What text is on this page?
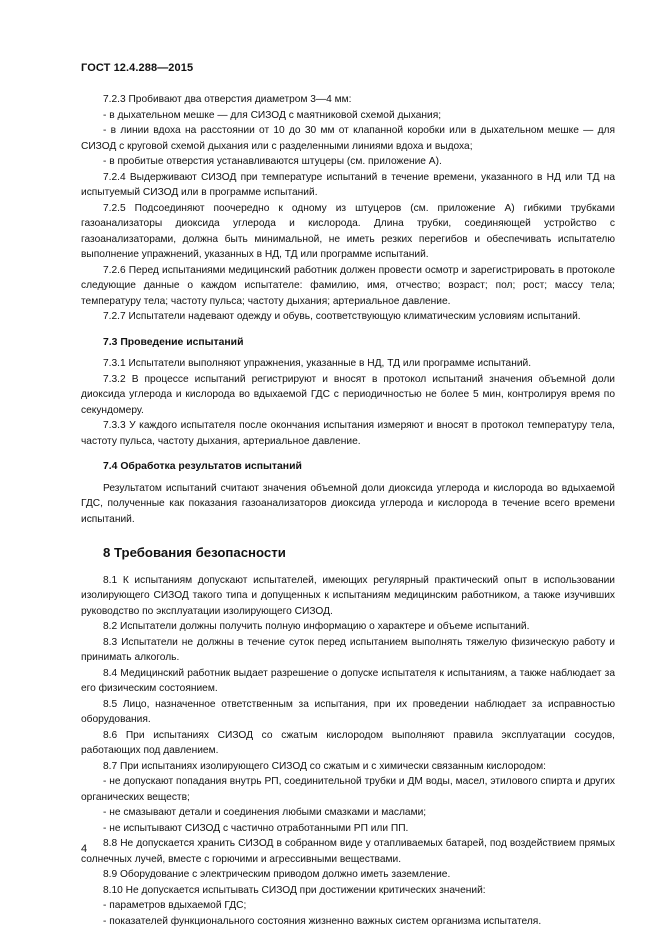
ГОСТ 12.4.288—2015

7.2.3 Пробивают два отверстия диаметром 3—4 мм:

- в дыхательном мешке — для СИЗОД с маятниковой схемой дыхания;

- в линии вдоха на расстоянии от 10 до 30 мм от клапанной коробки или в дыхательном мешке — для СИЗОД с круговой схемой дыхания или с разделенными линиями вдоха и выдоха;

- в пробитые отверстия устанавливаются штуцеры (см. приложение А).

7.2.4 Выдерживают СИЗОД при температуре испытаний в течение времени, указанного в НД или ТД на испытуемый СИЗОД или в программе испытаний.

7.2.5 Подсоединяют поочередно к одному из штуцеров (см. приложение А) гибкими трубками газоанализаторы диоксида углерода и кислорода. Длина трубки, соединяющей устройство с газоанализаторами, должна быть минимальной, не иметь резких перегибов и обеспечивать испытателю выполнение упражнений, указанных в НД, ТД или программе испытаний.

7.2.6 Перед испытаниями медицинский работник должен провести осмотр и зарегистрировать в протоколе следующие данные о каждом испытателе: фамилию, имя, отчество; возраст; пол; рост; массу тела; температуру тела; частоту пульса; частоту дыхания; артериальное давление.

7.2.7 Испытатели надевают одежду и обувь, соответствующую климатическим условиям испытаний.

7.3 Проведение испытаний

7.3.1 Испытатели выполняют упражнения, указанные в НД, ТД или программе испытаний.

7.3.2 В процессе испытаний регистрируют и вносят в протокол испытаний значения объемной доли диоксида углерода и кислорода во вдыхаемой ГДС с периодичностью не более 5 мин, контролируя время по секундомеру.

7.3.3 У каждого испытателя после окончания испытания измеряют и вносят в протокол температуру тела, частоту пульса, частоту дыхания, артериальное давление.

7.4 Обработка результатов испытаний

Результатом испытаний считают значения объемной доли диоксида углерода и кислорода во вдыхаемой ГДС, полученные как показания газоанализаторов диоксида углерода и кислорода в течение всего времени испытаний.

8 Требования безопасности

8.1 К испытаниям допускают испытателей, имеющих регулярный практический опыт в использовании изолирующего СИЗОД такого типа и допущенных к испытаниям медицинским работником, а также изучивших руководство по эксплуатации изолирующего СИЗОД.

8.2 Испытатели должны получить полную информацию о характере и объеме испытаний.

8.3 Испытатели не должны в течение суток перед испытанием выполнять тяжелую физическую работу и принимать алкоголь.

8.4 Медицинский работник выдает разрешение о допуске испытателя к испытаниям, а также наблюдает за его физическим состоянием.

8.5 Лицо, назначенное ответственным за испытания, при их проведении наблюдает за исправностью оборудования.

8.6 При испытаниях СИЗОД со сжатым кислородом выполняют правила эксплуатации сосудов, работающих под давлением.

8.7 При испытаниях изолирующего СИЗОД со сжатым и с химически связанным кислородом:

- не допускают попадания внутрь РП, соединительной трубки и ДМ воды, масел, этилового спирта и других органических веществ;

- не смазывают детали и соединения любыми смазками и маслами;

- не испытывают СИЗОД с частично отработанными РП или ПП.

8.8 Не допускается хранить СИЗОД в собранном виде у отапливаемых батарей, под воздействием прямых солнечных лучей, вместе с горючими и агрессивными веществами.

8.9 Оборудование с электрическим приводом должно иметь заземление.

8.10 Не допускается испытывать СИЗОД при достижении критических значений:

- параметров вдыхаемой ГДС;

- показателей функционального состояния жизненно важных систем организма испытателя.

4
